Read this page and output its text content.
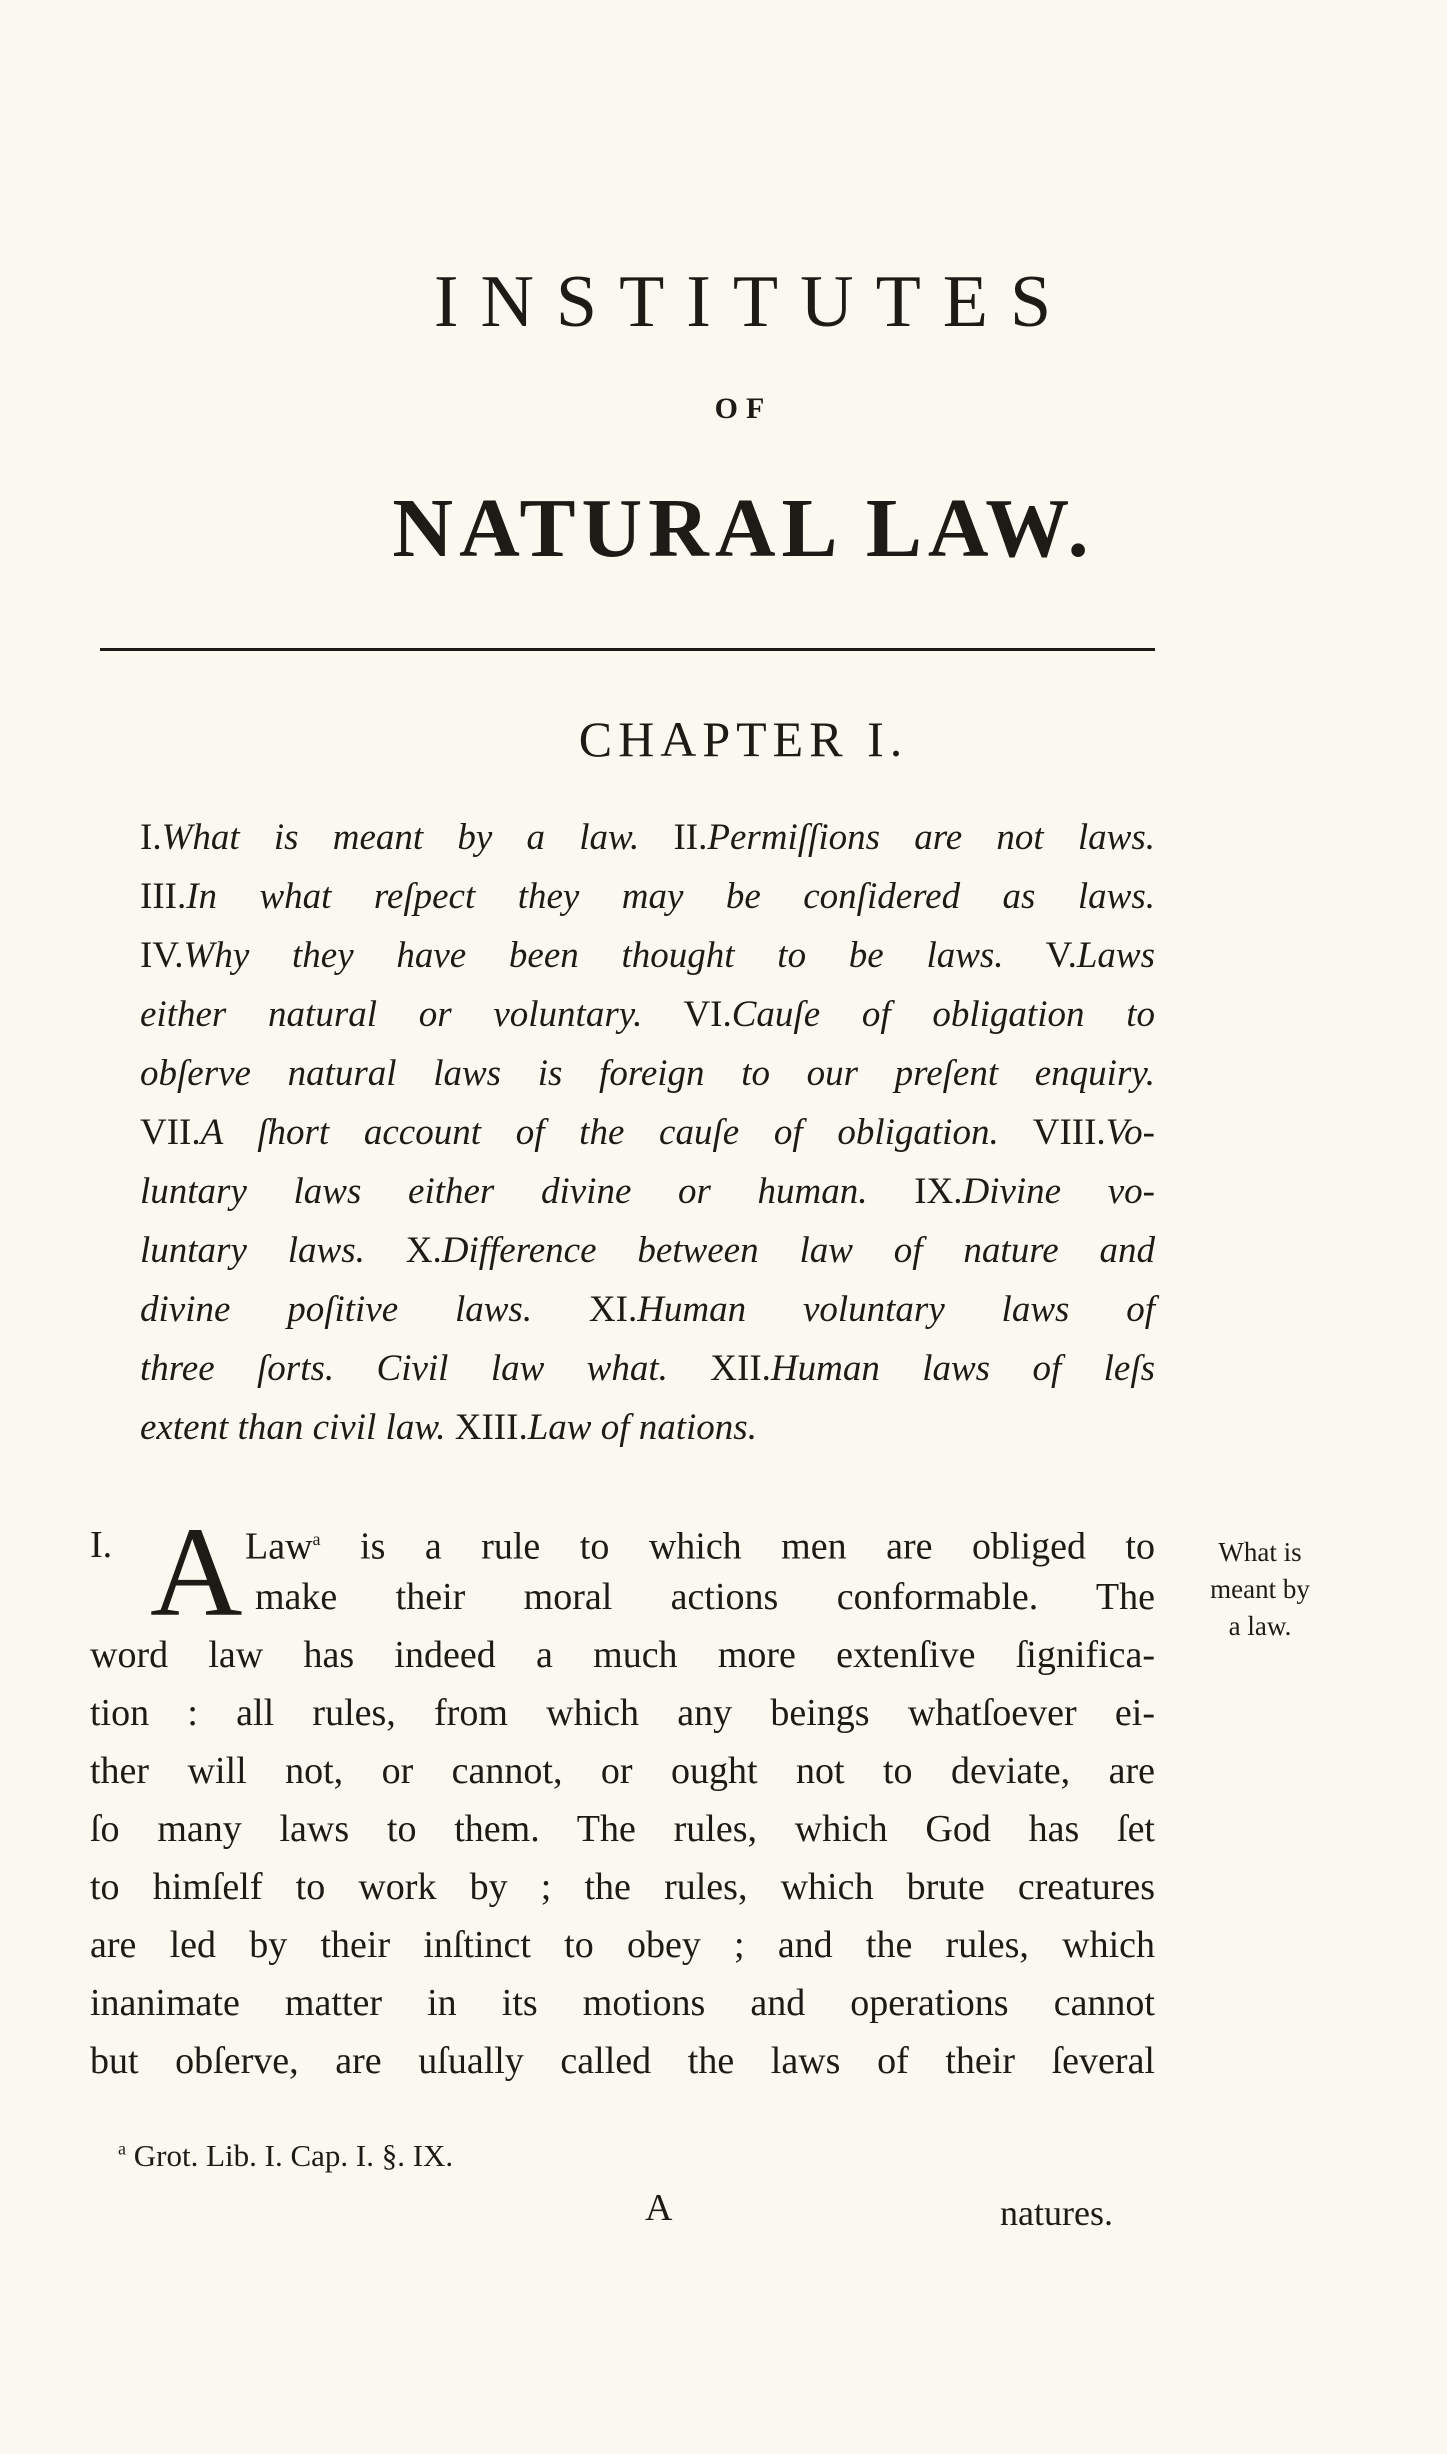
INSTITUTES
OF
NATURAL LAW.
CHAPTER I.
I.What is meant by a law. II.Permiſſions are not laws.
III.In what reſpect they may be conſidered as laws.
IV.Why they have been thought to be laws. V.Laws
either natural or voluntary. VI.Cauſe of obligation to
obſerve natural laws is foreign to our preſent enquiry.
VII.A ſhort account of the cauſe of obligation. VIII.Vo-
luntary laws either divine or human. IX.Divine vo-
luntary laws. X.Difference between law of nature and
divine poſitive laws. XI.Human voluntary laws of
three ſorts. Civil law what. XII.Human laws of leſs
extent than civil law. XIII.Law of nations.
I. A Law$^a$ is a rule to which men are obliged to
make their moral actions conformable. The
word law has indeed a much more extenſive ſignifica-
tion : all rules, from which any beings whatſoever ei-
ther will not, or cannot, or ought not to deviate, are
ſo many laws to them. The rules, which God has ſet
to himſelf to work by ; the rules, which brute creatures
are led by their inſtinct to obey ; and the rules, which
inanimate matter in its motions and operations cannot
but obſerve, are uſually called the laws of their ſeveral
What is
meant by
a law.
$^a$ Grot. Lib. I. Cap. I. §. IX.
A	natures.
